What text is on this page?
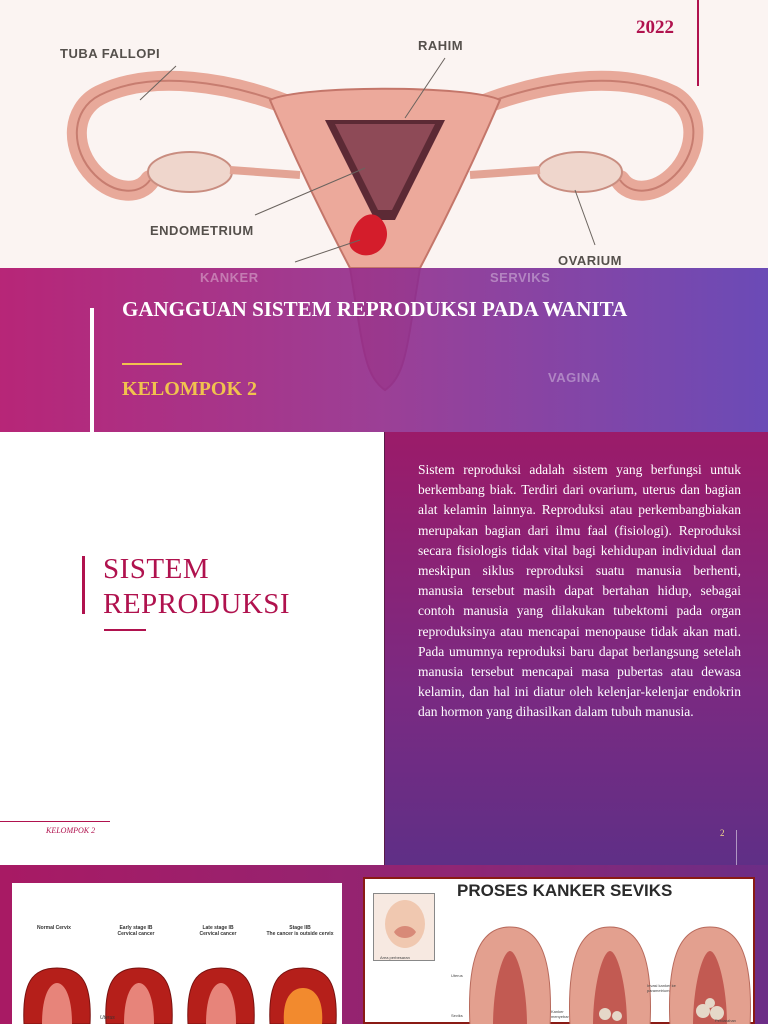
2022
TUBA FALLOPI
RAHIM
ENDOMETRIUM
OVARIUM
KANKER	SERVIKS
VAGINA
GANGGUAN SISTEM REPRODUKSI PADA WANITA
KELOMPOK 2
SISTEM
REPRODUKSI
KELOMPOK 2

Sistem reproduksi adalah sistem yang berfungsi untuk berkembang biak. Terdiri dari ovarium, uterus dan bagian alat kelamin lainnya. Reproduksi atau perkembangbiakan merupakan bagian dari ilmu faal (fisiologi). Reproduksi secara fisiologis tidak vital bagi kehidupan individual dan meskipun siklus reproduksi suatu manusia berhenti, manusia tersebut masih dapat bertahan hidup, sebagai contoh manusia yang dilakukan tubektomi pada organ reproduksinya atau mencapai menopause tidak akan mati. Pada umumnya reproduksi baru dapat berlangsung setelah manusia tersebut mencapai masa pubertas atau dewasa kelamin, dan hal ini diatur oleh kelenjar-kelenjar endokrin dan hormon yang dihasilkan dalam tubuh manusia.

2
Normal Cervix	Early stage IB
Cervical cancer
Late stage IB
Cervical cancer
Stage IIB
The cancer is outside cervix
Uterus
PROSES KANKER SEVIKS
Area perbesaran
Uterus
Seviks
Kanker menyebar
Invasi kanker ke parametrium
Perdarahan
